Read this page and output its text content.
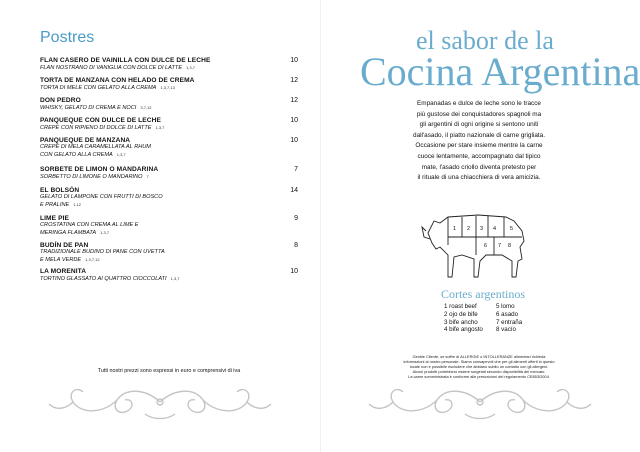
Postres
FLAN CASERO DE VAINILLA CON DULCE DE LECHE
FLAN NOSTRANO DI VANIGLIA CON DOLCE DI LATTE 1,3,7
10
TORTA DE MANZANA CON HELADO DE CREMA
TORTA DI MELE CON GELATO ALLA CREMA 1,3,7,13
12
DON PEDRO
WHISKY, GELATO DI CREMA E NOCI 3,7,12
12
PANQUEQUE CON DULCE DE LECHE
CREPÈ CON RIPIENO DI DOLCE DI LATTE 1,3,7
10
PANQUEQUE DE MANZANA
CREPÈ DI MELA CARAMELLATA AL RHUM
CON GELATO ALLA CREMA 1,3,7
10
SORBETE DE LIMON O MANDARINA
SORBETTO DI LIMONE O MANDARINO 7
7
EL BOLSÓN
GELATO DI LAMPONE CON FRUTTI DI BOSCO
E PRALINE 1,12
14
LIME PIE
CROSTATINA CON CREMA AL LIME E
MERINGA FLAMBATA 1,3,7
9
BUDÍN DE PAN
TRADIZIONALE BUDINO DI PANE CON UVETTA
E MELA VERDE 1,3,7,12
8
LA MORENITA
TORTINO GLASSATO AI QUATTRO CIOCCOLATI 1,3,7
10
Tutti nostri prezzi sono espressi in euro e comprensivi di iva
el sabor de la
Cocina Argentina
Empanadas e dulce de leche sono le tracce
più gustose dei conquistadores spagnoli ma
gli argentini di ogni origine si sentono uniti
dall'asado, il piatto nazionale di carne grigliata.
Occasione per stare insieme mentre la carne
cuoce lentamente, accompagnato dal tipico
mate, l'asado criollo diventa pretesto per
il rituale di una chiacchiera di vera amicizia.
1 2 3 4	5
6 7 8
Cortes argentinos
1 roast beef
2 ojo de bife
3 bife ancho
4 bife angosto
5 lomo
6 asado
7 entraña
8 vacío
Gentile Cliente, se soffre di ALLERGIE o INTOLLERANZE alimentari richieda
informazioni al nostro personale. Siamo consapevoli che per gli alimenti offerti in questo
locale non è possibile escludere che abbiano subito un contatto con gli allergeni.
Alcuni prodotti potrebbero essere surgelati secondo disponibilità del mercato.
La carne somministrata è conforme alle prescrizioni del regolamento CE853/2004.
